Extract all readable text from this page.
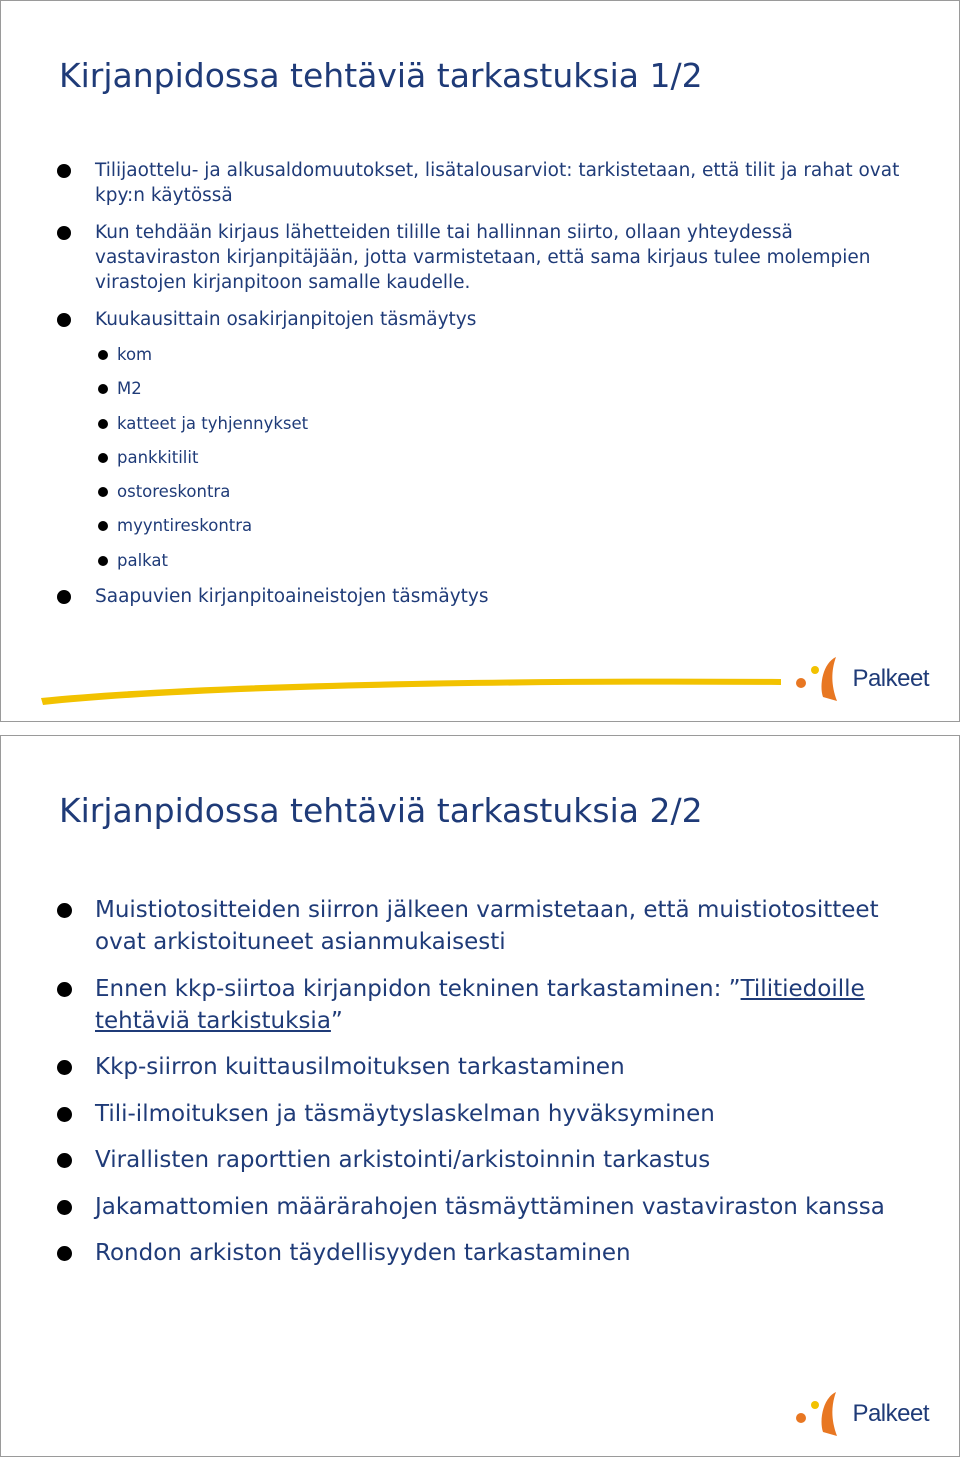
Kirjanpidossa tehtäviä tarkastuksia 1/2
Tilijaottelu- ja alkusaldomuutokset, lisätalousarviot: tarkistetaan, että tilit ja rahat ovat kpy:n käytössä
Kun tehdään kirjaus lähetteiden tilille tai hallinnan siirto, ollaan yhteydessä vastaviraston kirjanpitäjään, jotta varmistetaan, että sama kirjaus tulee molempien virastojen kirjanpitoon samalle kaudelle.
Kuukausittain osakirjanpitojen täsmäytys
kom
M2
katteet ja tyhjennykset
pankkitilit
ostoreskontra
myyntireskontra
palkat
Saapuvien kirjanpitoaineistojen täsmäytys
Palkeet
Kirjanpidossa tehtäviä tarkastuksia 2/2
Muistiotositteiden siirron jälkeen varmistetaan, että muistiotositteet ovat arkistoituneet asianmukaisesti
Ennen kkp-siirtoa kirjanpidon tekninen tarkastaminen: ”Tilitiedoille tehtäviä tarkistuksia”
Kkp-siirron kuittausilmoituksen tarkastaminen
Tili-ilmoituksen ja täsmäytyslaskelman hyväksyminen
Virallisten raporttien arkistointi/arkistoinnin tarkastus
Jakamattomien määrärahojen täsmäyttäminen vastaviraston kanssa
Rondon arkiston täydellisyyden tarkastaminen
Palkeet
